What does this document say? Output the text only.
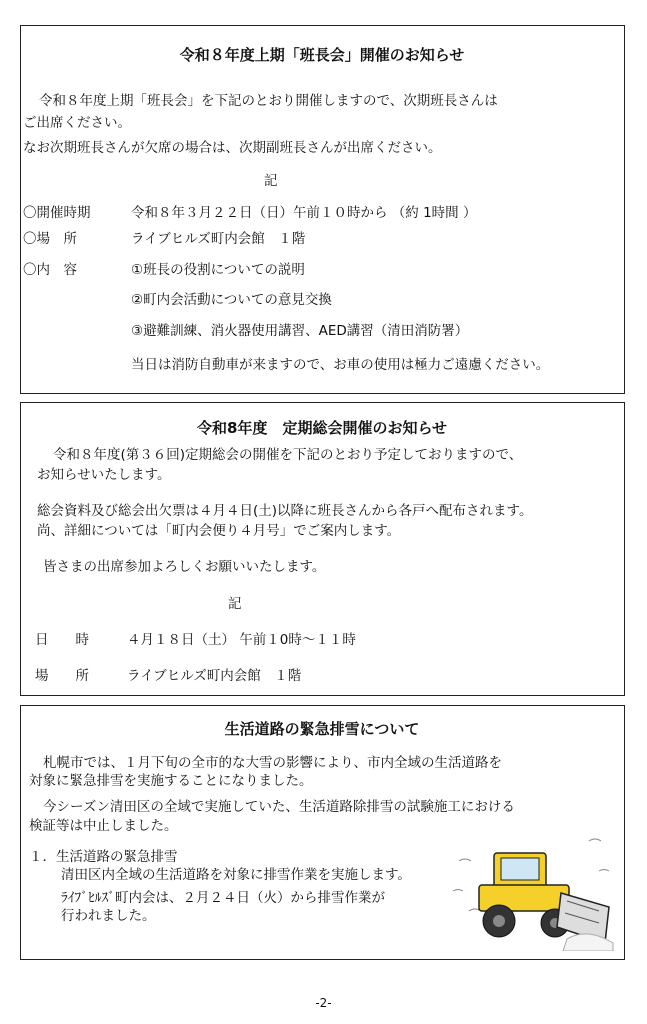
令和８年度上期「班長会」開催のお知らせ
令和８年度上期「班長会」を下記のとおり開催しますので、次期班長さんは
ご出席ください。
なお次期班長さんが欠席の場合は、次期副班長さんが出席ください。
記
〇開催時期	令和８年３月２２日（日）午前１０時から （約 1時間 ）
〇場　所	ライブヒルズ町内会館　１階
〇内　容	①班長の役割についての説明
②町内会活動についての意見交換
③避難訓練、消火器使用講習、AED講習（清田消防署）
当日は消防自動車が来ますので、お車の使用は極力ご遠慮ください。
令和8年度　定期総会開催のお知らせ
令和８年度(第３６回)定期総会の開催を下記のとおり予定しておりますので、
お知らせいたします。
総会資料及び総会出欠票は４月４日(土)以降に班長さんから各戸へ配布されます。
尚、詳細については「町内会便り４月号」でご案内します。
皆さまの出席参加よろしくお願いいたします。
記
日　　時	４月１８日（土） 午前１0時～１１時
場　　所	ライブヒルズ町内会館　１階
生活道路の緊急排雪について
札幌市では、１月下旬の全市的な大雪の影響により、市内全域の生活道路を
対象に緊急排雪を実施することになりました。
今シーズン清田区の全域で実施していた、生活道路除排雪の試験施工における
検証等は中止しました。
１．生活道路の緊急排雪
清田区内全域の生活道路を対象に排雪作業を実施します。
ﾗｲﾌﾞﾋﾙｽﾞ町内会は、２月２４日（火）から排雪作業が
行われました。
-2-
